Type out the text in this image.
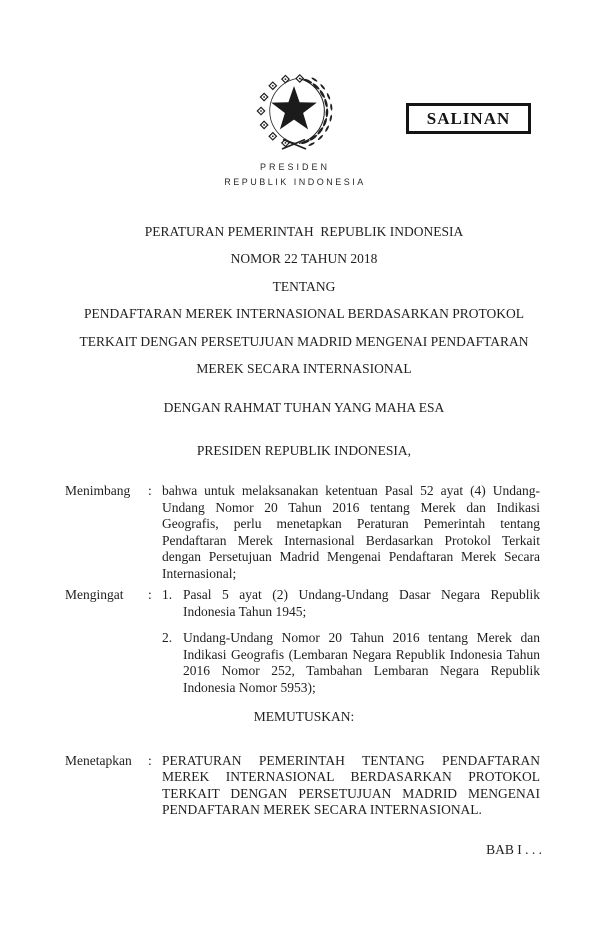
SALINAN
PRESIDEN
REPUBLIK INDONESIA
PERATURAN PEMERINTAH  REPUBLIK INDONESIA
NOMOR 22 TAHUN 2018
TENTANG
PENDAFTARAN MEREK INTERNASIONAL BERDASARKAN PROTOKOL
TERKAIT DENGAN PERSETUJUAN MADRID MENGENAI PENDAFTARAN
MEREK SECARA INTERNASIONAL
DENGAN RAHMAT TUHAN YANG MAHA ESA
PRESIDEN REPUBLIK INDONESIA,
Menimbang	: bahwa untuk melaksanakan ketentuan Pasal 52 ayat (4) Undang-Undang Nomor 20 Tahun 2016 tentang Merek dan Indikasi Geografis, perlu menetapkan Peraturan Pemerintah tentang Pendaftaran Merek Internasional Berdasarkan Protokol Terkait dengan Persetujuan Madrid Mengenai Pendaftaran Merek Secara Internasional;
Mengingat	: 1. Pasal 5 ayat (2) Undang-Undang Dasar Negara Republik Indonesia Tahun 1945;
2. Undang-Undang Nomor 20 Tahun 2016 tentang Merek dan Indikasi Geografis (Lembaran Negara Republik Indonesia Tahun 2016 Nomor 252, Tambahan Lembaran Negara Republik Indonesia Nomor 5953);
MEMUTUSKAN:
Menetapkan	: PERATURAN PEMERINTAH TENTANG PENDAFTARAN MEREK INTERNASIONAL BERDASARKAN PROTOKOL TERKAIT DENGAN PERSETUJUAN MADRID MENGENAI PENDAFTARAN MEREK SECARA INTERNASIONAL.
BAB I . . .
